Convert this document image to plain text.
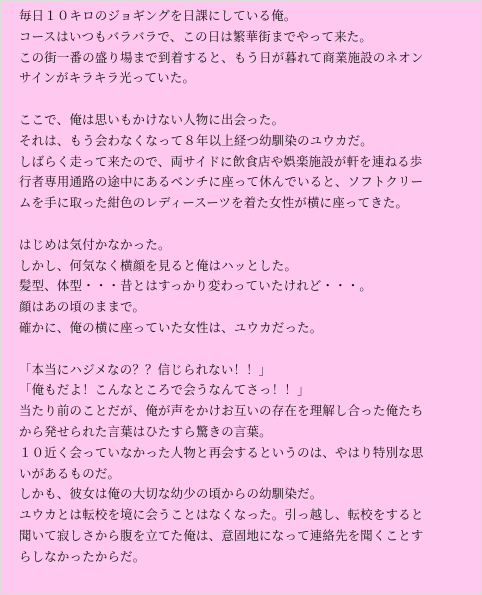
毎日１０キロのジョギングを日課にしている俺。
コースはいつもバラバラで、この日は繁華街までやって来た。
この街一番の盛り場まで到着すると、もう日が暮れて商業施設のネオン
サインがキラキラ光っていた。
ここで、俺は思いもかけない人物に出会った。
それは、もう会わなくなって８年以上経つ幼馴染のユウカだ。
しばらく走って来たので、両サイドに飲食店や娯楽施設が軒を連ねる歩
行者専用通路の途中にあるベンチに座って休んでいると、ソフトクリー
ムを手に取った紺色のレディースーツを着た女性が横に座ってきた。
はじめは気付かなかった。
しかし、何気なく横顔を見ると俺はハッとした。
髪型、体型・・・昔とはすっかり変わっていたけれど・・・。
顔はあの頃のままで。
確かに、俺の横に座っていた女性は、ユウカだった。
「本当にハジメなの？？信じられない！！」
「俺もだよ！こんなところで会うなんてさっ！！」
当たり前のことだが、俺が声をかけお互いの存在を理解し合った俺たち
から発せられた言葉はひたすら驚きの言葉。
１０近く会っていなかった人物と再会するというのは、やはり特別な思
いがあるものだ。
しかも、彼女は俺の大切な幼少の頃からの幼馴染だ。
ユウカとは転校を境に会うことはなくなった。引っ越し、転校をすると
聞いて寂しさから腹を立てた俺は、意固地になって連絡先を聞くことす
らしなかったからだ。
